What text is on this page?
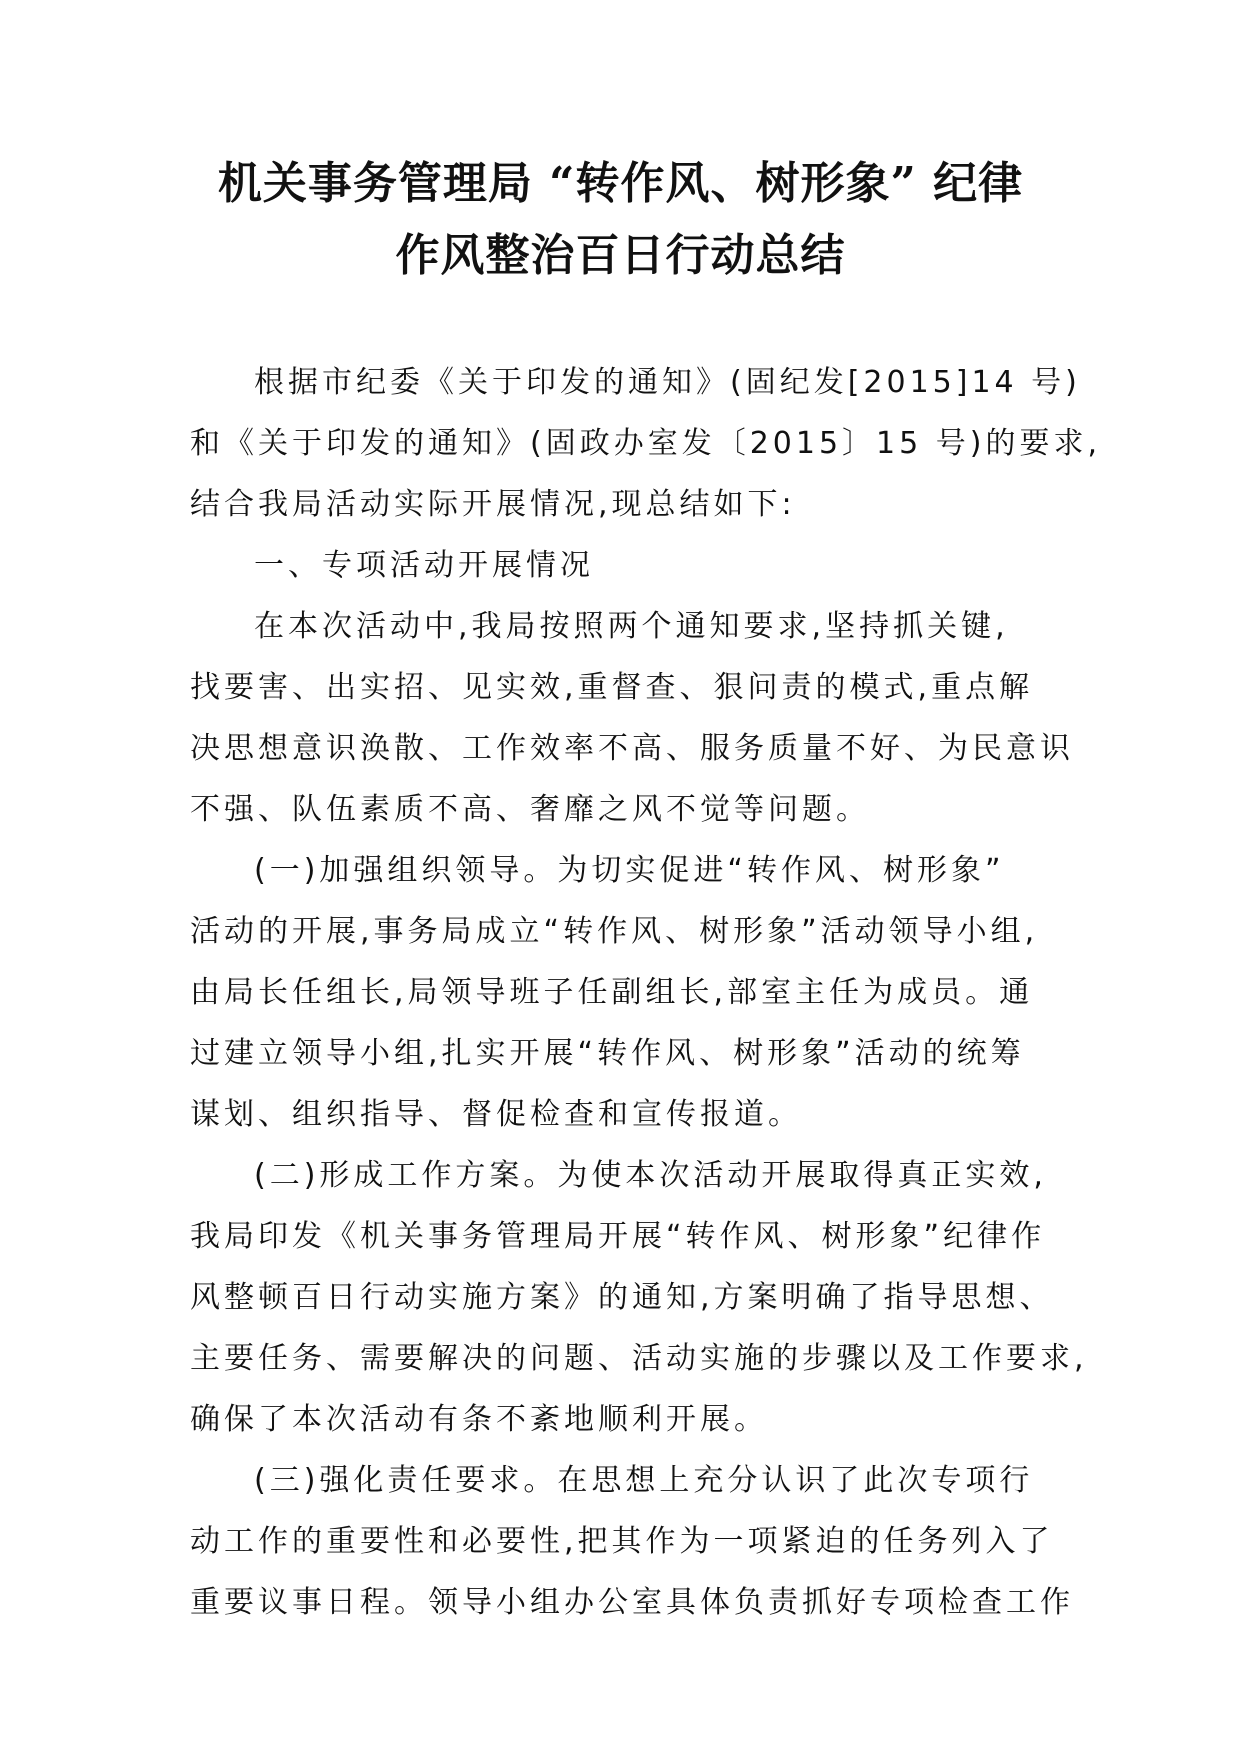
机关事务管理局 “转作风、树形象” 纪律
作风整治百日行动总结
根据市纪委《关于印发的通知》(固纪发[2015]14 号)
和《关于印发的通知》(固政办室发〔2015〕15 号)的要求,
结合我局活动实际开展情况,现总结如下:
一、专项活动开展情况
在本次活动中,我局按照两个通知要求,坚持抓关键,
找要害、出实招、见实效,重督查、狠问责的模式,重点解
决思想意识涣散、工作效率不高、服务质量不好、为民意识
不强、队伍素质不高、奢靡之风不觉等问题。
(一)加强组织领导。为切实促进“转作风、树形象”
活动的开展,事务局成立“转作风、树形象”活动领导小组,
由局长任组长,局领导班子任副组长,部室主任为成员。通
过建立领导小组,扎实开展“转作风、树形象”活动的统筹
谋划、组织指导、督促检查和宣传报道。
(二)形成工作方案。为使本次活动开展取得真正实效,
我局印发《机关事务管理局开展“转作风、树形象”纪律作
风整顿百日行动实施方案》的通知,方案明确了指导思想、
主要任务、需要解决的问题、活动实施的步骤以及工作要求,
确保了本次活动有条不紊地顺利开展。
(三)强化责任要求。在思想上充分认识了此次专项行
动工作的重要性和必要性,把其作为一项紧迫的任务列入了
重要议事日程。领导小组办公室具体负责抓好专项检查工作
